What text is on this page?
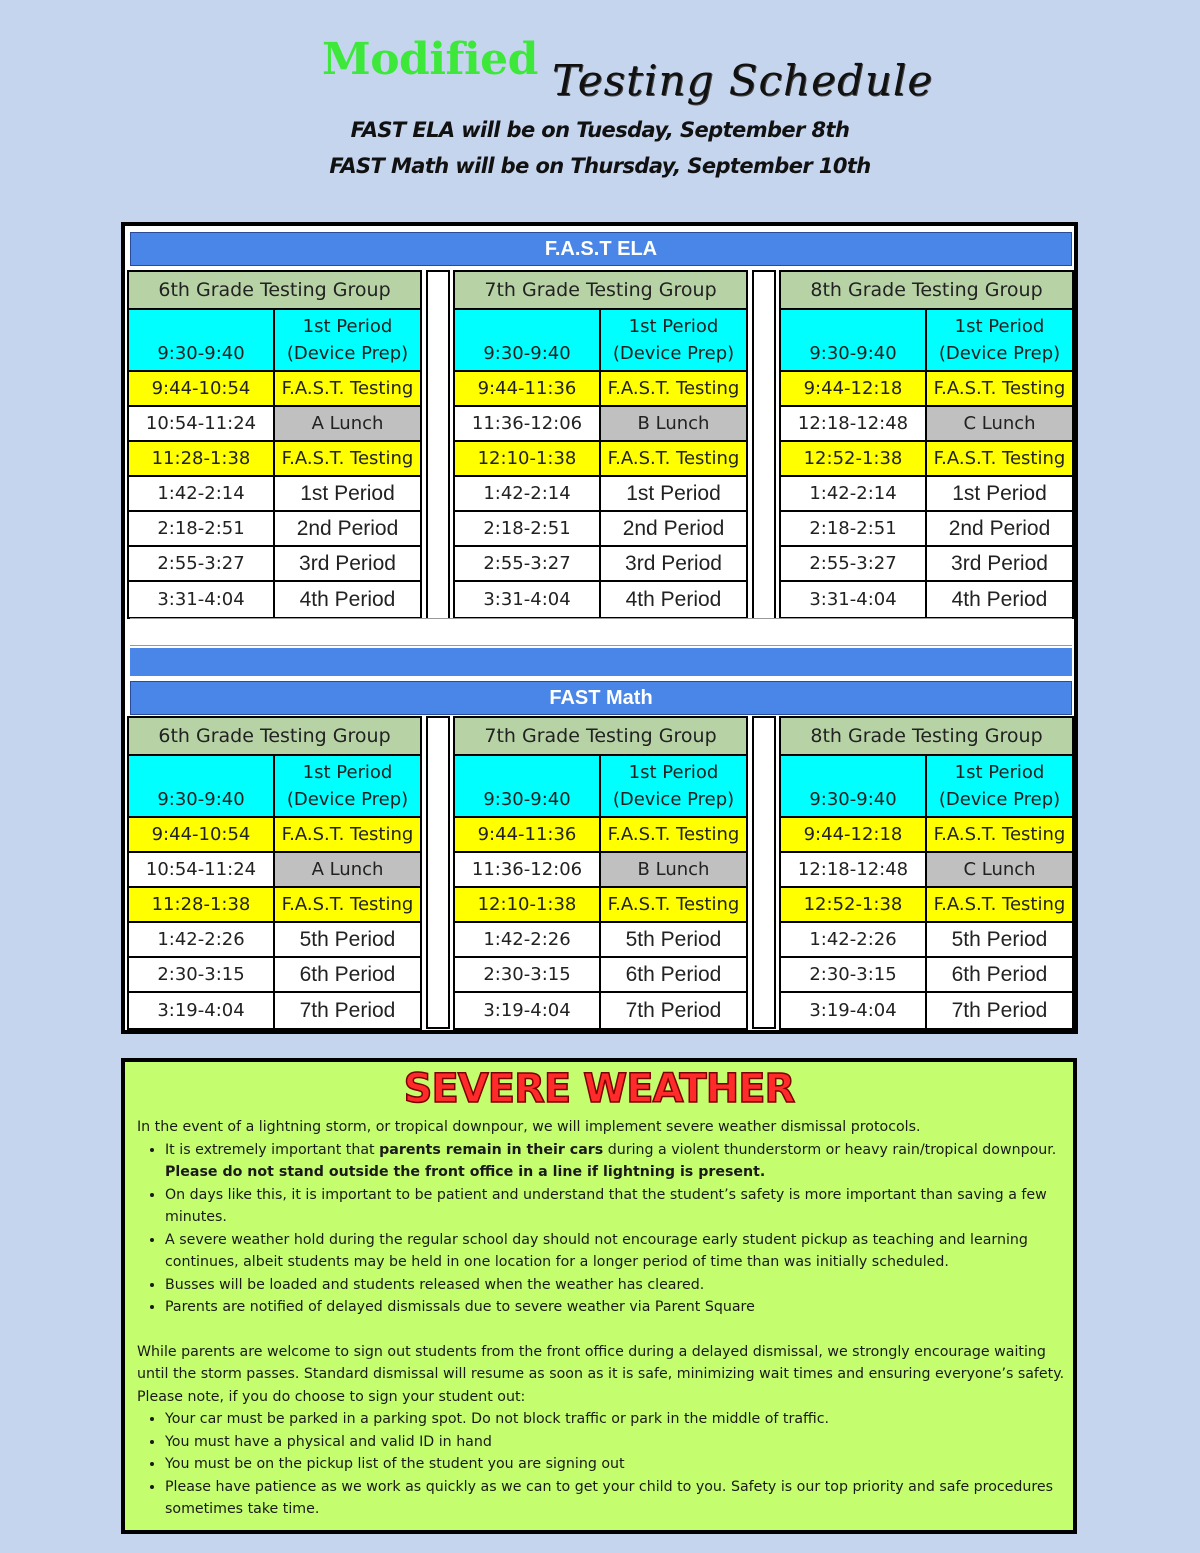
Modified Testing Schedule
FAST ELA will be on Tuesday, September 8th
FAST Math will be on Thursday, September 10th
F.A.S.T ELA
6th Grade Testing Group
9:30-9:40
1st Period
(Device Prep)
9:44-10:54	F.A.S.T. Testing
10:54-11:24	A Lunch
11:28-1:38	F.A.S.T. Testing
1:42-2:14	1st Period
2:18-2:51	2nd Period
2:55-3:27	3rd Period
3:31-4:04	4th Period
7th Grade Testing Group
9:30-9:40
1st Period
(Device Prep)
9:44-11:36	F.A.S.T. Testing
11:36-12:06	B Lunch
12:10-1:38	F.A.S.T. Testing
1:42-2:14	1st Period
2:18-2:51	2nd Period
2:55-3:27	3rd Period
3:31-4:04	4th Period
8th Grade Testing Group
9:30-9:40
1st Period
(Device Prep)
9:44-12:18	F.A.S.T. Testing
12:18-12:48	C Lunch
12:52-1:38	F.A.S.T. Testing
1:42-2:14	1st Period
2:18-2:51	2nd Period
2:55-3:27	3rd Period
3:31-4:04	4th Period
FAST Math
6th Grade Testing Group
9:30-9:40
1st Period
(Device Prep)
9:44-10:54	F.A.S.T. Testing
10:54-11:24	A Lunch
11:28-1:38	F.A.S.T. Testing
1:42-2:26	5th Period
2:30-3:15	6th Period
3:19-4:04	7th Period
7th Grade Testing Group
9:30-9:40
1st Period
(Device Prep)
9:44-11:36	F.A.S.T. Testing
11:36-12:06	B Lunch
12:10-1:38	F.A.S.T. Testing
1:42-2:26	5th Period
2:30-3:15	6th Period
3:19-4:04	7th Period
8th Grade Testing Group
9:30-9:40
1st Period
(Device Prep)
9:44-12:18	F.A.S.T. Testing
12:18-12:48	C Lunch
12:52-1:38	F.A.S.T. Testing
1:42-2:26	5th Period
2:30-3:15	6th Period
3:19-4:04	7th Period
SEVERE WEATHER

In the event of a lightning storm, or tropical downpour, we will implement severe weather dismissal protocols.

• It is extremely important that parents remain in their cars during a violent thunderstorm or heavy rain/tropical downpour. Please do not stand outside the front office in a line if lightning is present.
• On days like this, it is important to be patient and understand that the student’s safety is more important than saving a few minutes.
• A severe weather hold during the regular school day should not encourage early student pickup as teaching and learning continues, albeit students may be held in one location for a longer period of time than was initially scheduled.
• Busses will be loaded and students released when the weather has cleared.
• Parents are notified of delayed dismissals due to severe weather via Parent Square

While parents are welcome to sign out students from the front office during a delayed dismissal, we strongly encourage waiting until the storm passes. Standard dismissal will resume as soon as it is safe, minimizing wait times and ensuring everyone’s safety. Please note, if you do choose to sign your student out:

• Your car must be parked in a parking spot. Do not block traffic or park in the middle of traffic.
• You must have a physical and valid ID in hand
• You must be on the pickup list of the student you are signing out
• Please have patience as we work as quickly as we can to get your child to you. Safety is our top priority and safe procedures sometimes take time.
